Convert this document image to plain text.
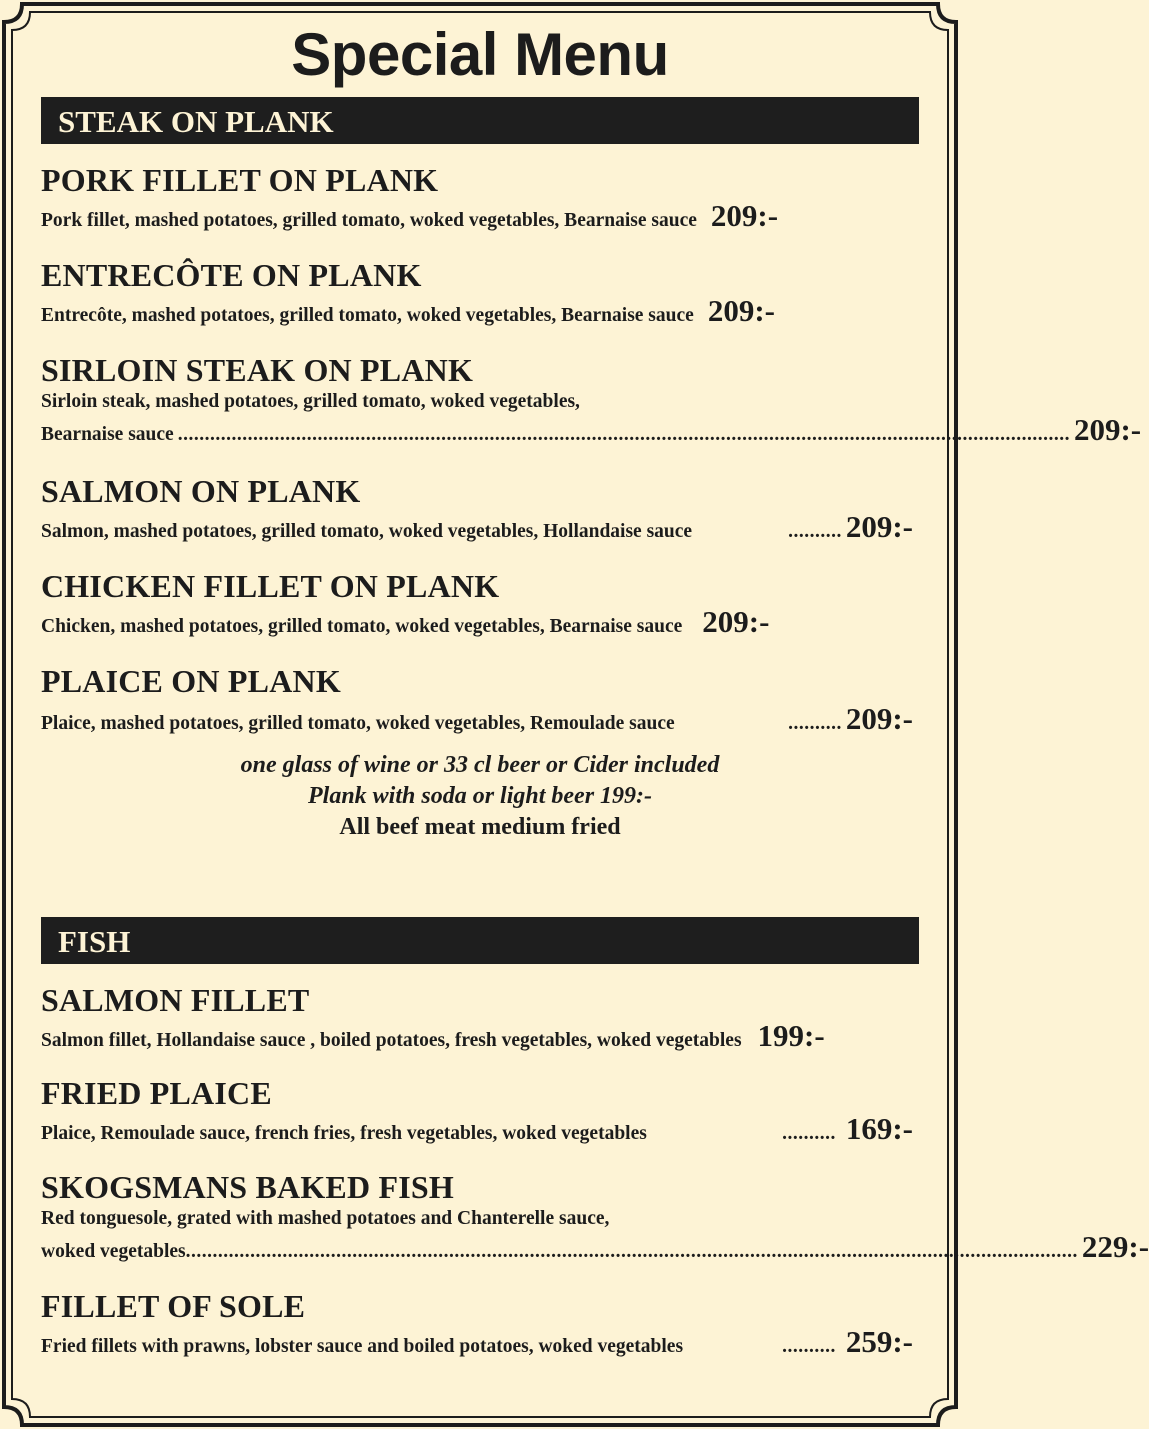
Special Menu
STEAK ON PLANK
PORK FILLET ON PLANK
Pork fillet, mashed potatoes, grilled tomato, woked vegetables, Bearnaise sauce 209:-
ENTRECÔTE ON PLANK
Entrecôte, mashed potatoes, grilled tomato, woked vegetables, Bearnaise sauce 209:-
SIRLOIN STEAK ON PLANK
Sirloin steak, mashed potatoes, grilled tomato, woked vegetables,
Bearnaise sauce ...................................................................................................................................................................... 209:-
SALMON ON PLANK
Salmon, mashed potatoes, grilled tomato, woked vegetables, Hollandaise sauce	.......... 209:-
CHICKEN FILLET ON PLANK
Chicken, mashed potatoes, grilled tomato, woked vegetables, Bearnaise sauce 209:-
PLAICE ON PLANK
Plaice, mashed potatoes, grilled tomato, woked vegetables, Remoulade sauce	.......... 209:-
one glass of wine or 33 cl beer or Cider included
Plank with soda or light beer 199:-
All beef meat medium fried
FISH
SALMON FILLET
Salmon fillet, Hollandaise sauce , boiled potatoes, fresh vegetables, woked vegetables 199:-
FRIED PLAICE
Plaice, Remoulade sauce, french fries, fresh vegetables, woked vegetables	.......... 169:-
SKOGSMANS BAKED FISH
Red tonguesole, grated with mashed potatoes and Chanterelle sauce,
woked vegetables ...................................................................................................................................................................... 229:-
FILLET OF SOLE
Fried fillets with prawns, lobster sauce and boiled potatoes, woked vegetables	.......... 259:-
